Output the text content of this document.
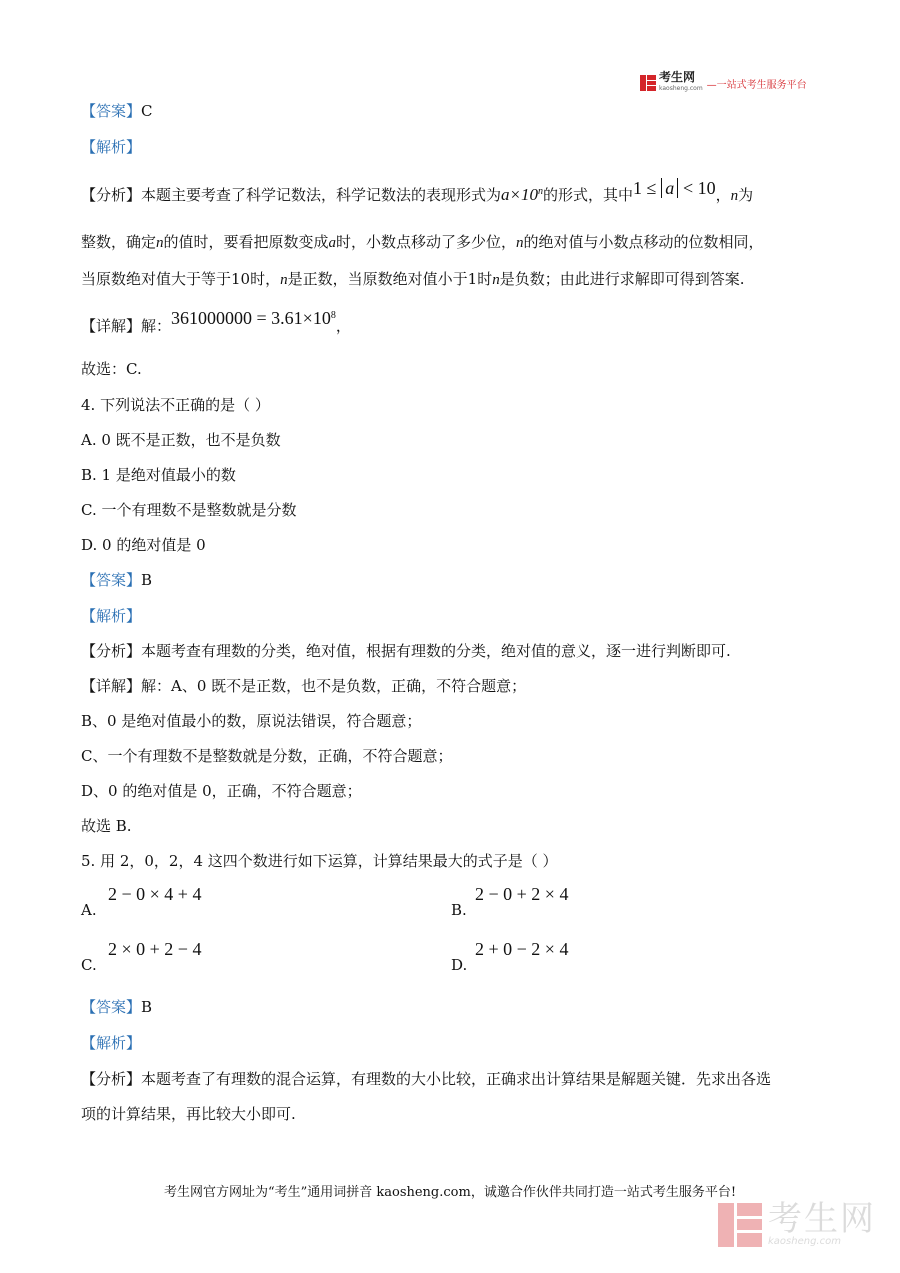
考生网
kaosheng.com —一站式考生服务平台
【答案】C
【解析】
【分析】本题主要考查了科学记数法，科学记数法的表现形式为$a\times 10^n$的形式，其中1 ≤ a < 10，n为
整数，确定n的值时，要看把原数变成a时，小数点移动了多少位，n的绝对值与小数点移动的位数相同，
当原数绝对值大于等于10时，n是正数，当原数绝对值小于1时n是负数；由此进行求解即可得到答案.
【详解】解：$361000000 = 3.61\times 10^8$，
故选：C.
4. 下列说法不正确的是（ ）
A. 0 既不是正数，也不是负数
B. 1 是绝对值最小的数
C. 一个有理数不是整数就是分数
D. 0 的绝对值是 0
【答案】B
【解析】
【分析】本题考查有理数的分类，绝对值，根据有理数的分类，绝对值的意义，逐一进行判断即可.
【详解】解：A、0 既不是正数，也不是负数，正确，不符合题意；
B、0 是绝对值最小的数，原说法错误，符合题意；
C、一个有理数不是整数就是分数，正确，不符合题意；
D、0 的绝对值是 0，正确，不符合题意；
故选 B.
5. 用 2，0，2，4 这四个数进行如下运算，计算结果最大的式子是（ ）
A.
2 − 0 × 4 + 4
B.
2 − 0 + 2 × 4
C.
2 × 0 + 2 − 4
D.
2 + 0 − 2 × 4
【答案】B
【解析】
【分析】本题考查了有理数的混合运算，有理数的大小比较，正确求出计算结果是解题关键．先求出各选
项的计算结果，再比较大小即可.
考生网官方网址为“考生”通用词拼音 kaosheng.com，诚邀合作伙伴共同打造一站式考生服务平台!
考生网
kaosheng.com
